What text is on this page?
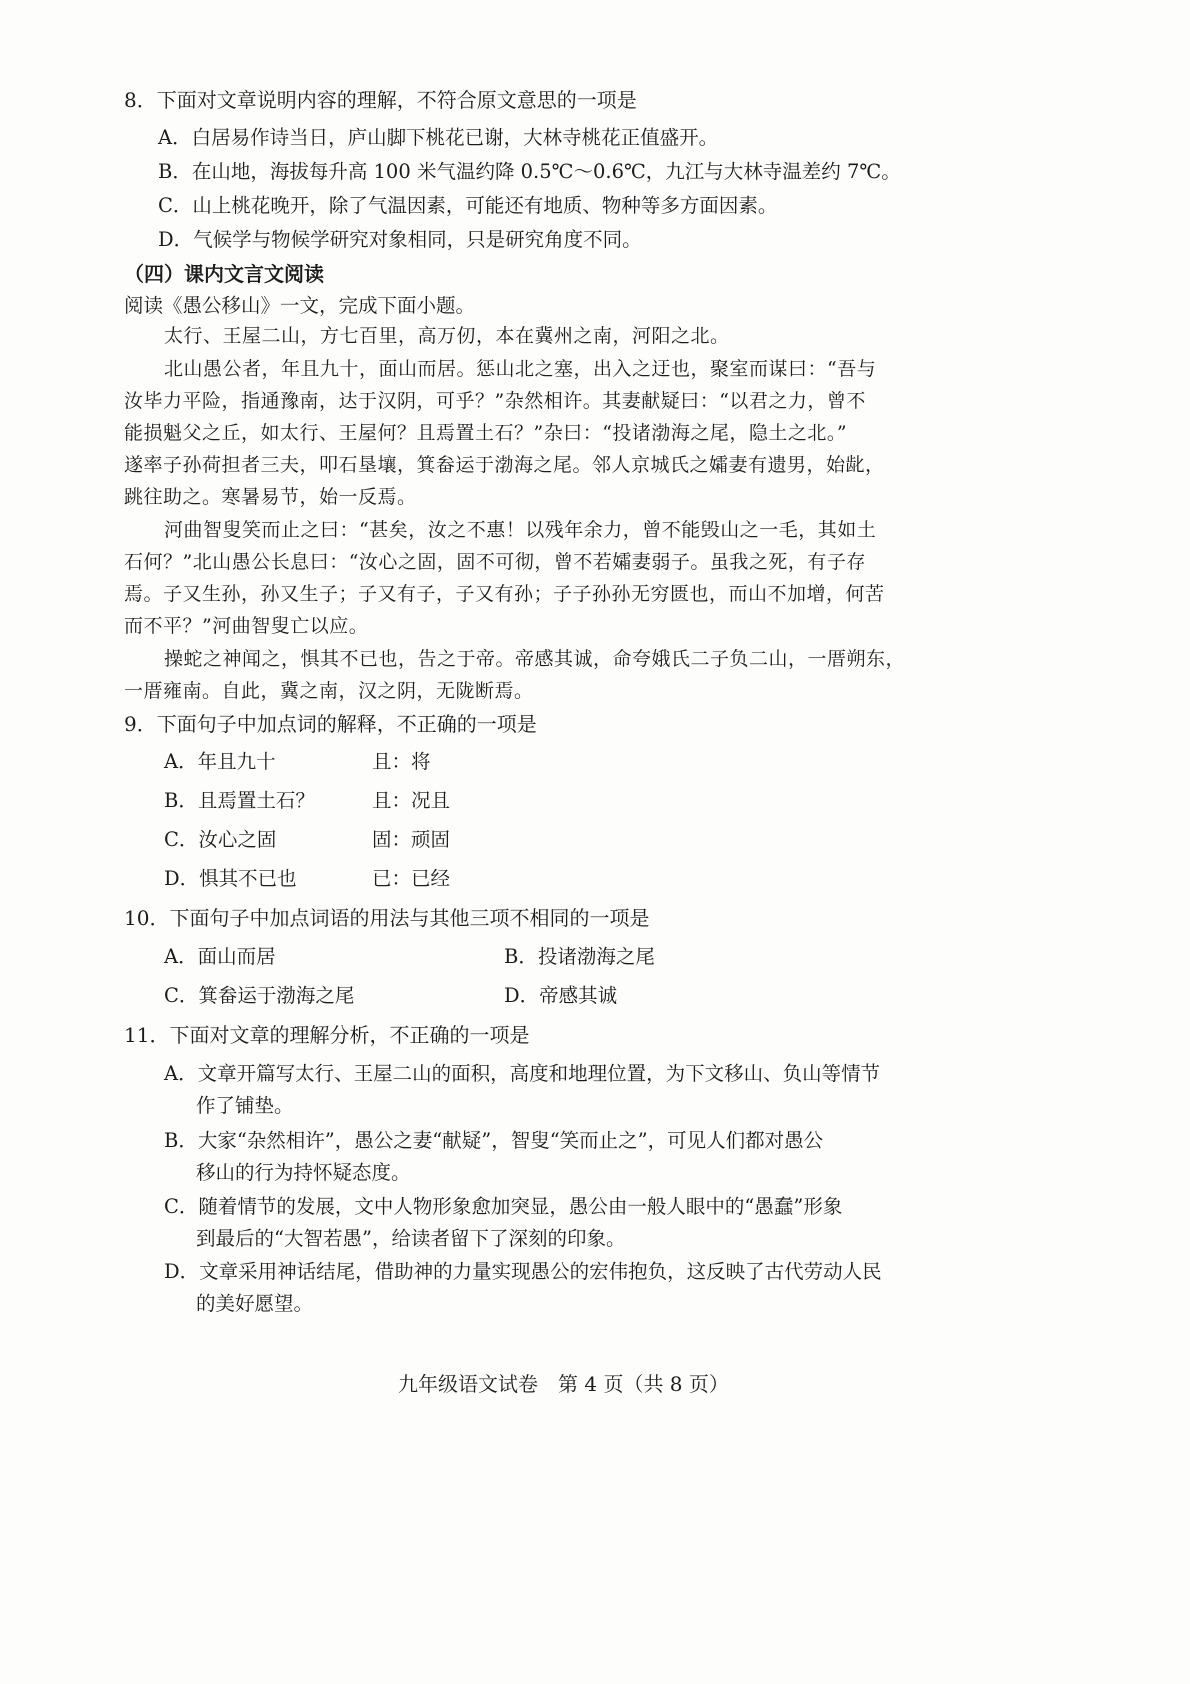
8．下面对文章说明内容的理解，不符合原文意思的一项是
A．白居易作诗当日，庐山脚下桃花已谢，大林寺桃花正值盛开。
B．在山地，海拔每升高 100 米气温约降 0.5℃～0.6℃，九江与大林寺温差约 7℃。
C．山上桃花晚开，除了气温因素，可能还有地质、物种等多方面因素。
D．气候学与物候学研究对象相同，只是研究角度不同。
（四）课内文言文阅读
阅读《愚公移山》一文，完成下面小题。
太行、王屋二山，方七百里，高万仞，本在冀州之南，河阳之北。
北山愚公者，年且九十，面山而居。惩山北之塞，出入之迂也，聚室而谋曰：“吾与
汝毕力平险，指通豫南，达于汉阴，可乎？”杂然相许。其妻献疑曰：“以君之力，曾不
能损魁父之丘，如太行、王屋何？且焉置土石？”杂曰：“投诸渤海之尾，隐土之北。”
遂率子孙荷担者三夫，叩石垦壤，箕畚运于渤海之尾。邻人京城氏之孀妻有遗男，始龀，
跳往助之。寒暑易节，始一反焉。
河曲智叟笑而止之曰：“甚矣，汝之不惠！以残年余力，曾不能毁山之一毛，其如土
石何？”北山愚公长息曰：“汝心之固，固不可彻，曾不若孀妻弱子。虽我之死，有子存
焉。子又生孙，孙又生子；子又有子，子又有孙；子子孙孙无穷匮也，而山不加增，何苦
而不平？”河曲智叟亡以应。
操蛇之神闻之，惧其不已也，告之于帝。帝感其诚，命夸娥氏二子负二山，一厝朔东，
一厝雍南。自此，冀之南，汉之阴，无陇断焉。
9．下面句子中加点词的解释，不正确的一项是
A．年且九十	且：将
B．且焉置土石？	且：况且
C．汝心之固	固：顽固
D．惧其不已也	已：已经
10．下面句子中加点词语的用法与其他三项不相同的一项是
A．面山而居	B．投诸渤海之尾
C．箕畚运于渤海之尾	D．帝感其诚
11．下面对文章的理解分析，不正确的一项是
A．文章开篇写太行、王屋二山的面积，高度和地理位置，为下文移山、负山等情节
作了铺垫。
B．大家“杂然相许”，愚公之妻“献疑”，智叟“笑而止之”，可见人们都对愚公
移山的行为持怀疑态度。
C．随着情节的发展，文中人物形象愈加突显，愚公由一般人眼中的“愚蠢”形象
到最后的“大智若愚”，给读者留下了深刻的印象。
D．文章采用神话结尾，借助神的力量实现愚公的宏伟抱负，这反映了古代劳动人民
的美好愿望。
九年级语文试卷　第 4 页（共 8 页）
